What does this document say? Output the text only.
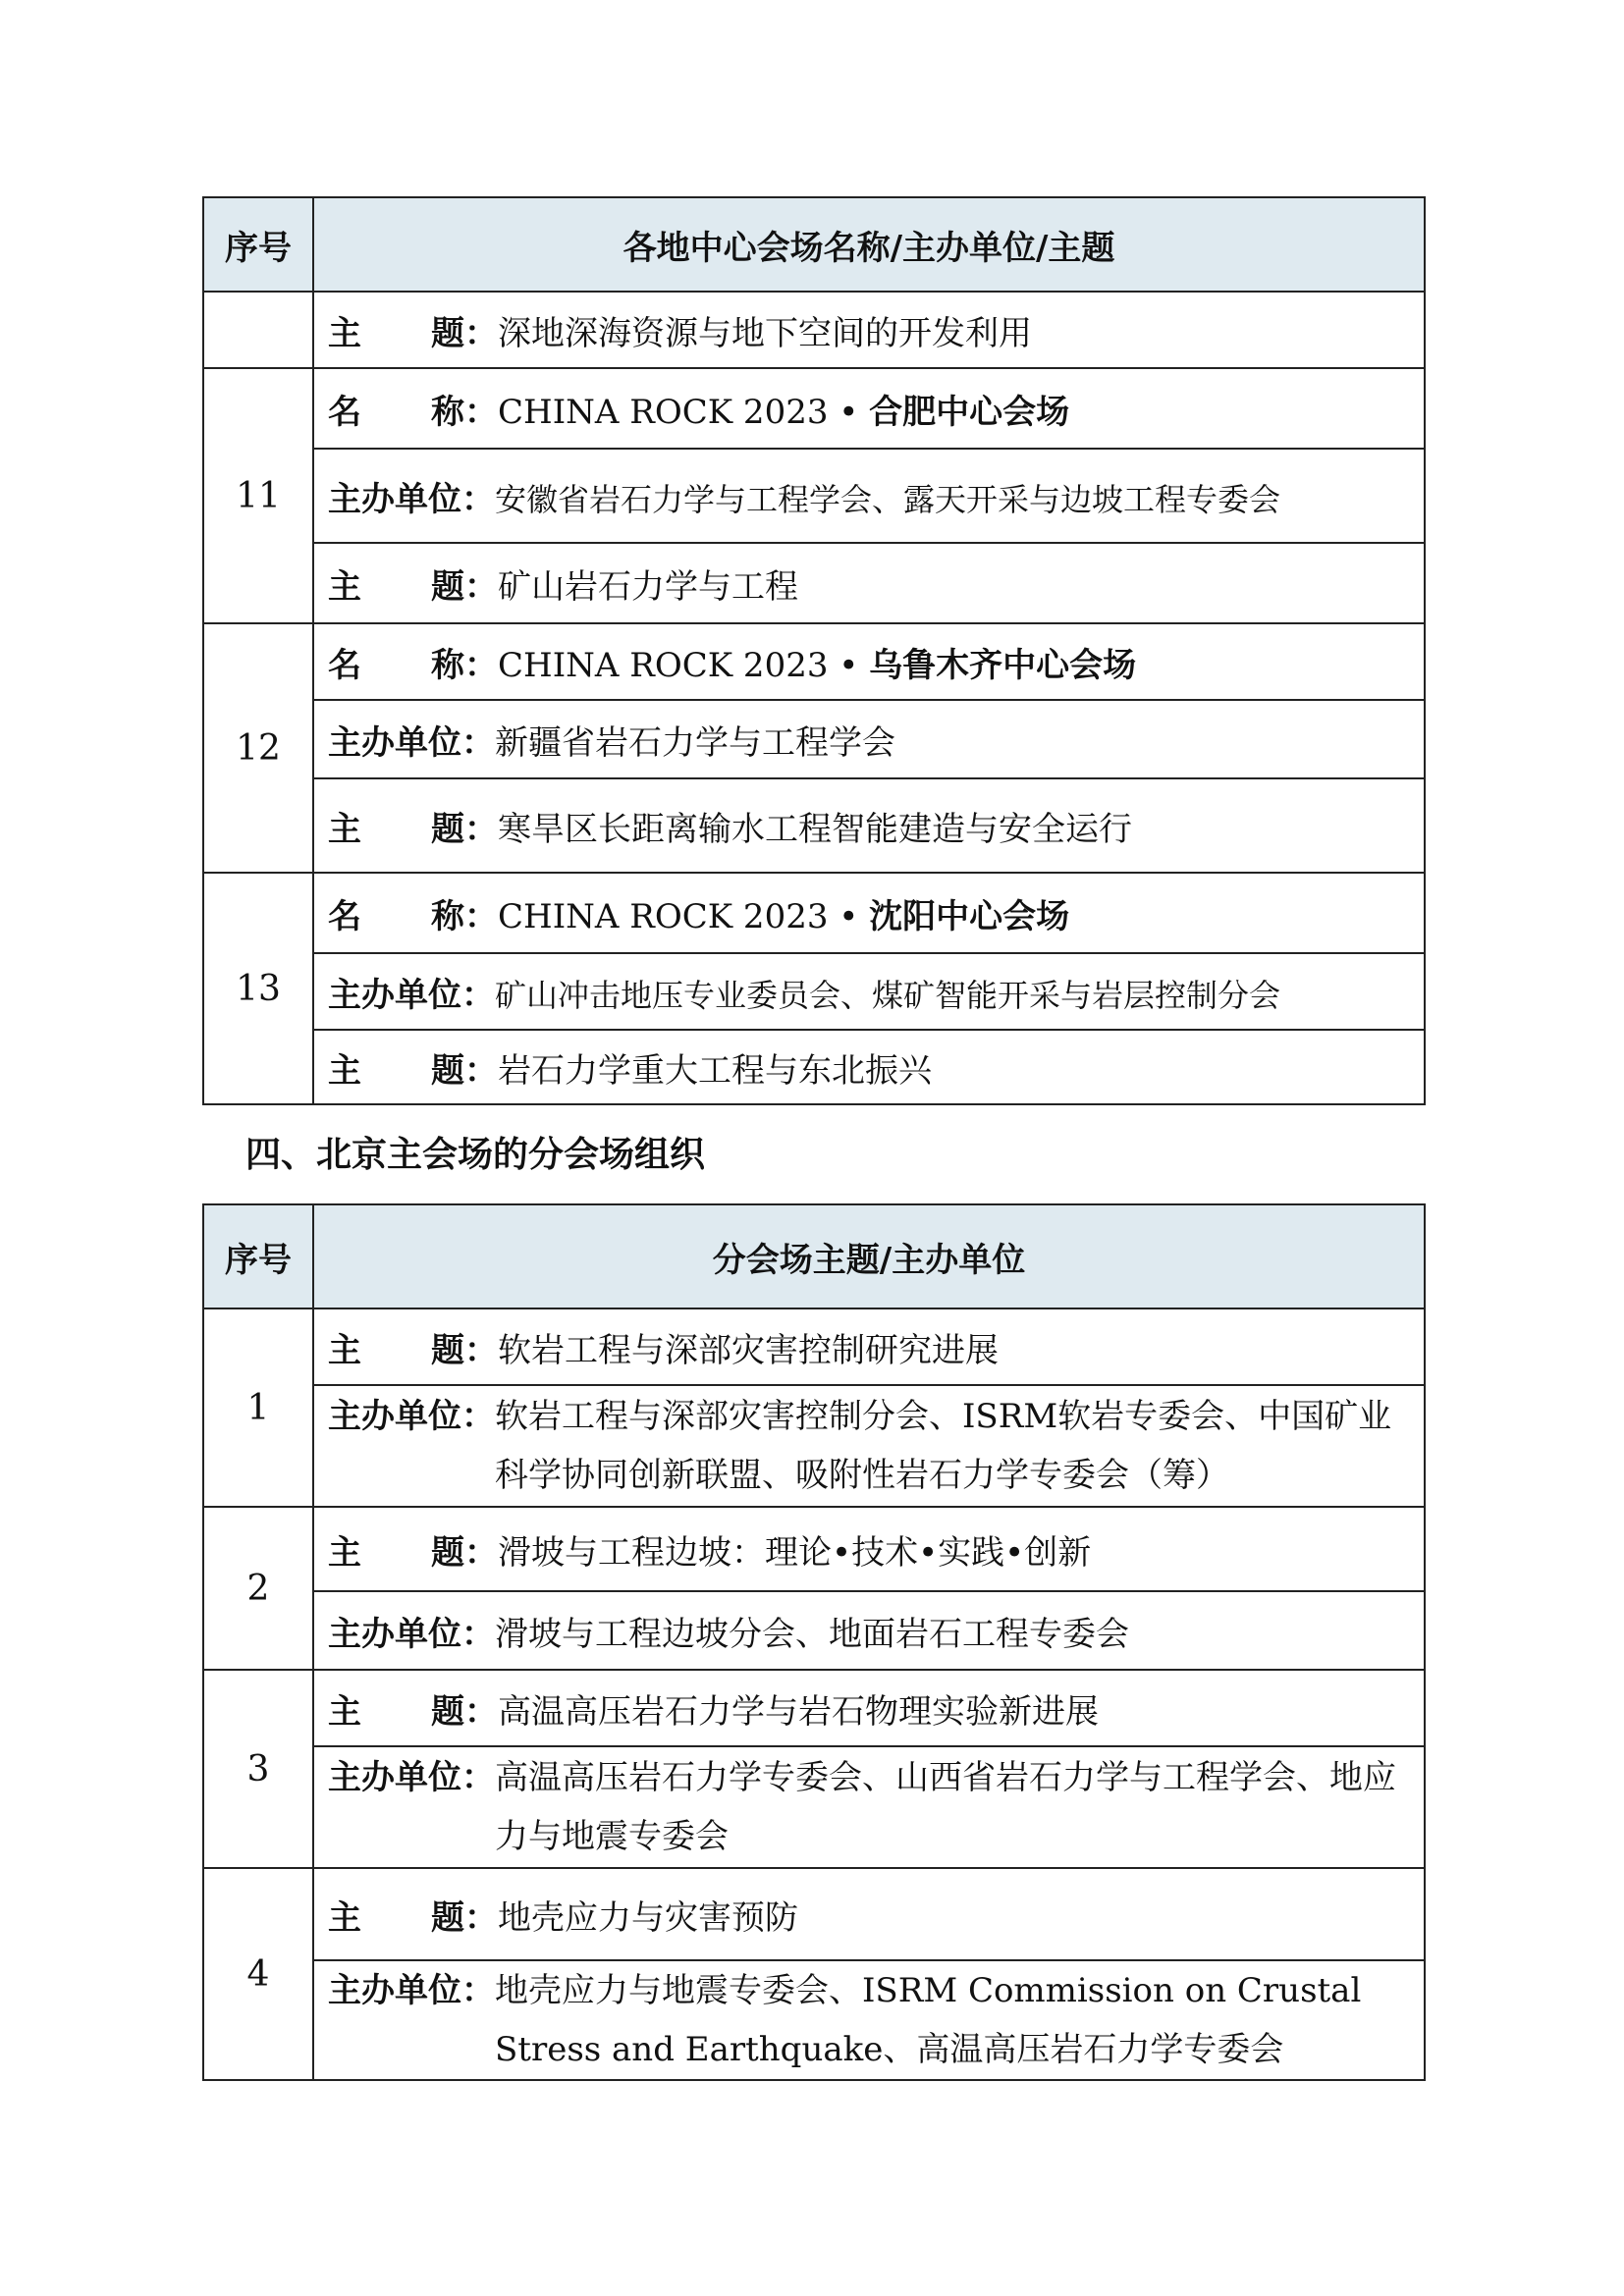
序号	各地中心会场名称/主办单位/主题
	主      题：深地深海资源与地下空间的开发利用
11	名      称：CHINA ROCK 2023 • 合肥中心会场
	主办单位：安徽省岩石力学与工程学会、露天开采与边坡工程专委会
	主      题：矿山岩石力学与工程
12	名      称：CHINA ROCK 2023 • 乌鲁木齐中心会场
	主办单位：新疆省岩石力学与工程学会
	主      题：寒旱区长距离输水工程智能建造与安全运行
13	名      称：CHINA ROCK 2023 • 沈阳中心会场
	主办单位：矿山冲击地压专业委员会、煤矿智能开采与岩层控制分会
	主      题：岩石力学重大工程与东北振兴
四、北京主会场的分会场组织
序号	分会场主题/主办单位
1	主      题：软岩工程与深部灾害控制研究进展

	主办单位： 软岩工程与深部灾害控制分会、ISRM软岩专委会、中国矿业科学协同创新联盟、吸附性岩石力学专委会（筹）

2	主      题：滑坡与工程边坡：理论•技术•实践•创新
	主办单位：滑坡与工程边坡分会、地面岩石工程专委会
3	主      题：高温高压岩石力学与岩石物理实验新进展

	主办单位： 高温高压岩石力学专委会、山西省岩石力学与工程学会、地应力与地震专委会

4	主      题：地壳应力与灾害预防

	主办单位： 地壳应力与地震专委会、ISRM Commission on Crustal Stress and Earthquake、高温高压岩石力学专委会
